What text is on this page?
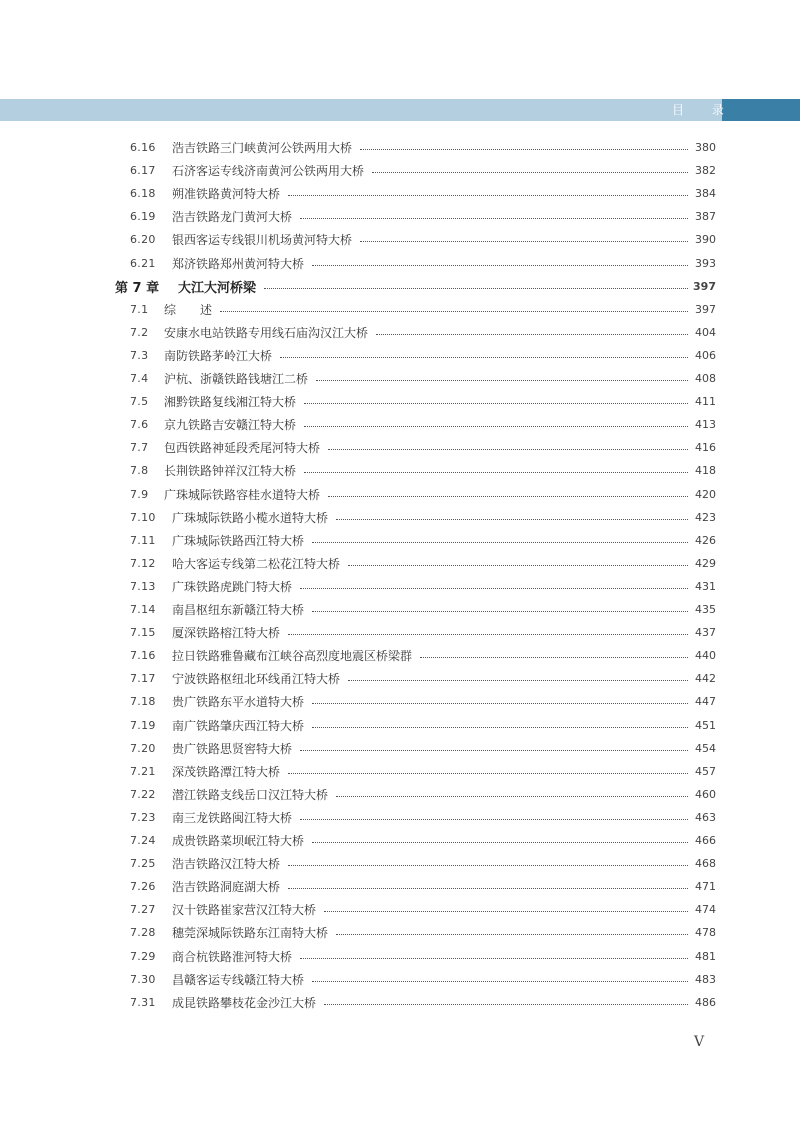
目 录
6.16	浩吉铁路三门峡黄河公铁两用大桥	380
6.17	石济客运专线济南黄河公铁两用大桥	382
6.18	朔准铁路黄河特大桥	384
6.19	浩吉铁路龙门黄河大桥	387
6.20	银西客运专线银川机场黄河特大桥	390
6.21	郑济铁路郑州黄河特大桥	393
第 7 章 大江大河桥梁	397
7.1	综　　述	397
7.2	安康水电站铁路专用线石庙沟汉江大桥	404
7.3	南防铁路茅岭江大桥	406
7.4	沪杭、浙赣铁路钱塘江二桥	408
7.5	湘黔铁路复线湘江特大桥	411
7.6	京九铁路吉安赣江特大桥	413
7.7	包西铁路神延段秃尾河特大桥	416
7.8	长荆铁路钟祥汉江特大桥	418
7.9	广珠城际铁路容桂水道特大桥	420
7.10	广珠城际铁路小榄水道特大桥	423
7.11	广珠城际铁路西江特大桥	426
7.12	哈大客运专线第二松花江特大桥	429
7.13	广珠铁路虎跳门特大桥	431
7.14	南昌枢纽东新赣江特大桥	435
7.15	厦深铁路榕江特大桥	437
7.16	拉日铁路雅鲁藏布江峡谷高烈度地震区桥梁群	440
7.17	宁波铁路枢纽北环线甬江特大桥	442
7.18	贵广铁路东平水道特大桥	447
7.19	南广铁路肇庆西江特大桥	451
7.20	贵广铁路思贤窖特大桥	454
7.21	深茂铁路潭江特大桥	457
7.22	潜江铁路支线岳口汉江特大桥	460
7.23	南三龙铁路闽江特大桥	463
7.24	成贵铁路菜坝岷江特大桥	466
7.25	浩吉铁路汉江特大桥	468
7.26	浩吉铁路洞庭湖大桥	471
7.27	汉十铁路崔家营汉江特大桥	474
7.28	穗莞深城际铁路东江南特大桥	478
7.29	商合杭铁路淮河特大桥	481
7.30	昌赣客运专线赣江特大桥	483
7.31	成昆铁路攀枝花金沙江大桥	486
V
